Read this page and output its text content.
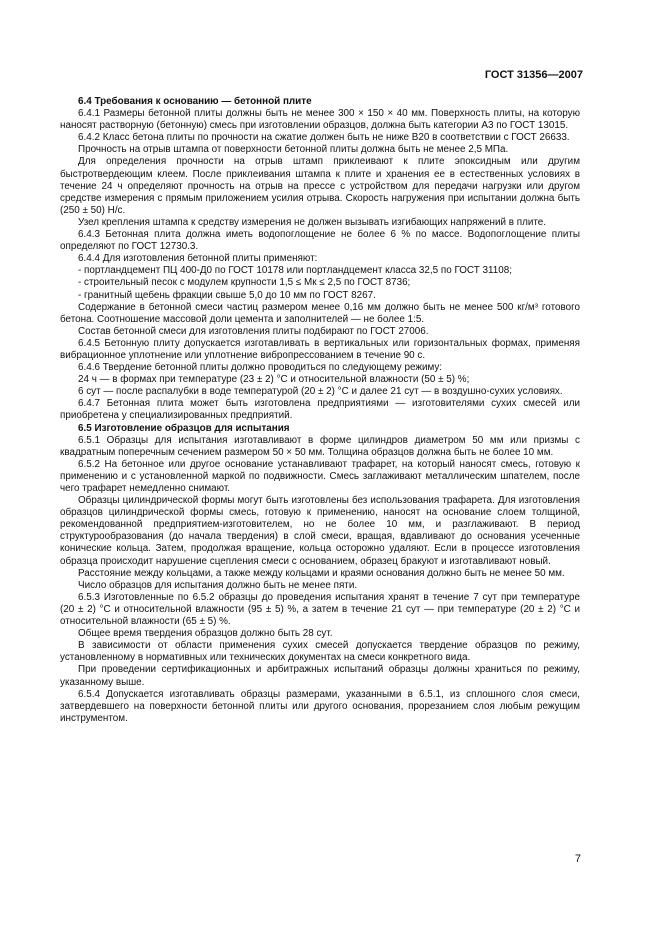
ГОСТ 31356—2007

6.4 Требования к основанию — бетонной плите

6.4.1 Размеры бетонной плиты должны быть не менее 300 × 150 × 40 мм. Поверхность плиты, на которую наносят растворную (бетонную) смесь при изготовлении образцов, должна быть категории А3 по ГОСТ 13015.

6.4.2 Класс бетона плиты по прочности на сжатие должен быть не ниже В20 в соответствии с ГОСТ 26633.

Прочность на отрыв штампа от поверхности бетонной плиты должна быть не менее 2,5 МПа.

Для определения прочности на отрыв штамп приклеивают к плите эпоксидным или другим быстротвердеющим клеем. После приклеивания штампа к плите и хранения ее в естественных условиях в течение 24 ч определяют прочность на отрыв на прессе с устройством для передачи нагрузки или другом средстве измерения с прямым приложением усилия отрыва. Скорость нагружения при испытании должна быть (250 ± 50) Н/с.

Узел крепления штампа к средству измерения не должен вызывать изгибающих напряжений в плите.

6.4.3 Бетонная плита должна иметь водопоглощение не более 6 % по массе. Водопоглощение плиты определяют по ГОСТ 12730.3.

6.4.4 Для изготовления бетонной плиты применяют:

- портландцемент ПЦ 400-Д0 по ГОСТ 10178 или портландцемент класса 32,5 по ГОСТ 31108;

- строительный песок с модулем крупности 1,5 ≤ Mк ≤ 2,5 по ГОСТ 8736;

- гранитный щебень фракции свыше 5,0 до 10 мм по ГОСТ 8267.

Содержание в бетонной смеси частиц размером менее 0,16 мм должно быть не менее 500 кг/м³ готового бетона. Соотношение массовой доли цемента и заполнителей — не более 1:5.

Состав бетонной смеси для изготовления плиты подбирают по ГОСТ 27006.

6.4.5 Бетонную плиту допускается изготавливать в вертикальных или горизонтальных формах, применяя вибрационное уплотнение или уплотнение вибропрессованием в течение 90 с.

6.4.6 Твердение бетонной плиты должно проводиться по следующему режиму:

24 ч — в формах при температуре (23 ± 2) °С и относительной влажности (50 ± 5) %;

6 сут — после распалубки в воде температурой (20 ± 2) °С и далее 21 сут — в воздушно-сухих условиях.

6.4.7 Бетонная плита может быть изготовлена предприятиями — изготовителями сухих смесей или приобретена у специализированных предприятий.

6.5 Изготовление образцов для испытания

6.5.1 Образцы для испытания изготавливают в форме цилиндров диаметром 50 мм или призмы с квадратным поперечным сечением размером 50 × 50 мм. Толщина образцов должна быть не более 10 мм.

6.5.2 На бетонное или другое основание устанавливают трафарет, на который наносят смесь, готовую к применению и с установленной маркой по подвижности. Смесь заглаживают металлическим шпателем, после чего трафарет немедленно снимают.

Образцы цилиндрической формы могут быть изготовлены без использования трафарета. Для изготовления образцов цилиндрической формы смесь, готовую к применению, наносят на основание слоем толщиной, рекомендованной предприятием-изготовителем, но не более 10 мм, и разглаживают. В период структурообразования (до начала твердения) в слой смеси, вращая, вдавливают до основания усеченные конические кольца. Затем, продолжая вращение, кольца осторожно удаляют. Если в процессе изготовления образца происходит нарушение сцепления смеси с основанием, образец бракуют и изготавливают новый.

Расстояние между кольцами, а также между кольцами и краями основания должно быть не менее 50 мм.

Число образцов для испытания должно быть не менее пяти.

6.5.3 Изготовленные по 6.5.2 образцы до проведения испытания хранят в течение 7 сут при температуре (20 ± 2) °С и относительной влажности (95 ± 5) %, а затем в течение 21 сут — при температуре (20 ± 2) °С и относительной влажности (65 ± 5) %.

Общее время твердения образцов должно быть 28 сут.

В зависимости от области применения сухих смесей допускается твердение образцов по режиму, установленному в нормативных или технических документах на смеси конкретного вида.

При проведении сертификационных и арбитражных испытаний образцы должны храниться по режиму, указанному выше.

6.5.4 Допускается изготавливать образцы размерами, указанными в 6.5.1, из сплошного слоя смеси, затвердевшего на поверхности бетонной плиты или другого основания, прорезанием слоя любым режущим инструментом.

7
